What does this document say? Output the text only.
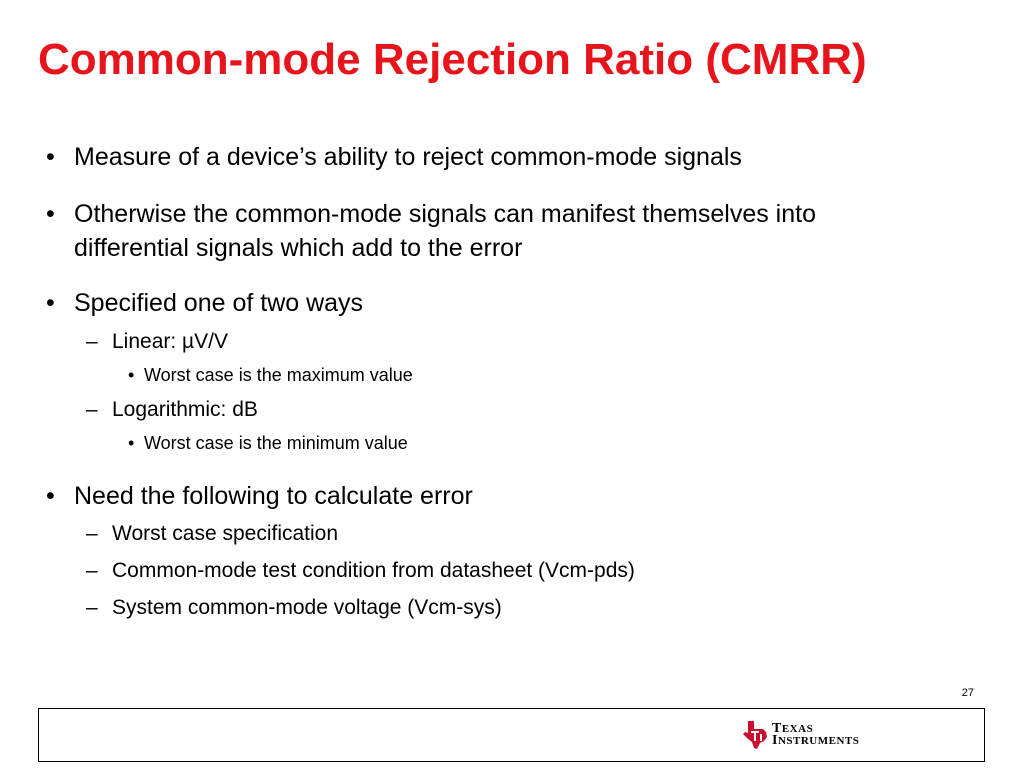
Common-mode Rejection Ratio (CMRR)
• Measure of a device’s ability to reject common-mode signals
• Otherwise the common-mode signals can manifest themselves into
differential signals which add to the error
• Specified one of two ways
– Linear: µV/V
• Worst case is the maximum value
– Logarithmic: dB
• Worst case is the minimum value
• Need the following to calculate error
– Worst case specification
– Common-mode test condition from datasheet (Vcm-pds)
– System common-mode voltage (Vcm-sys)
27
TEXAS
INSTRUMENTS
